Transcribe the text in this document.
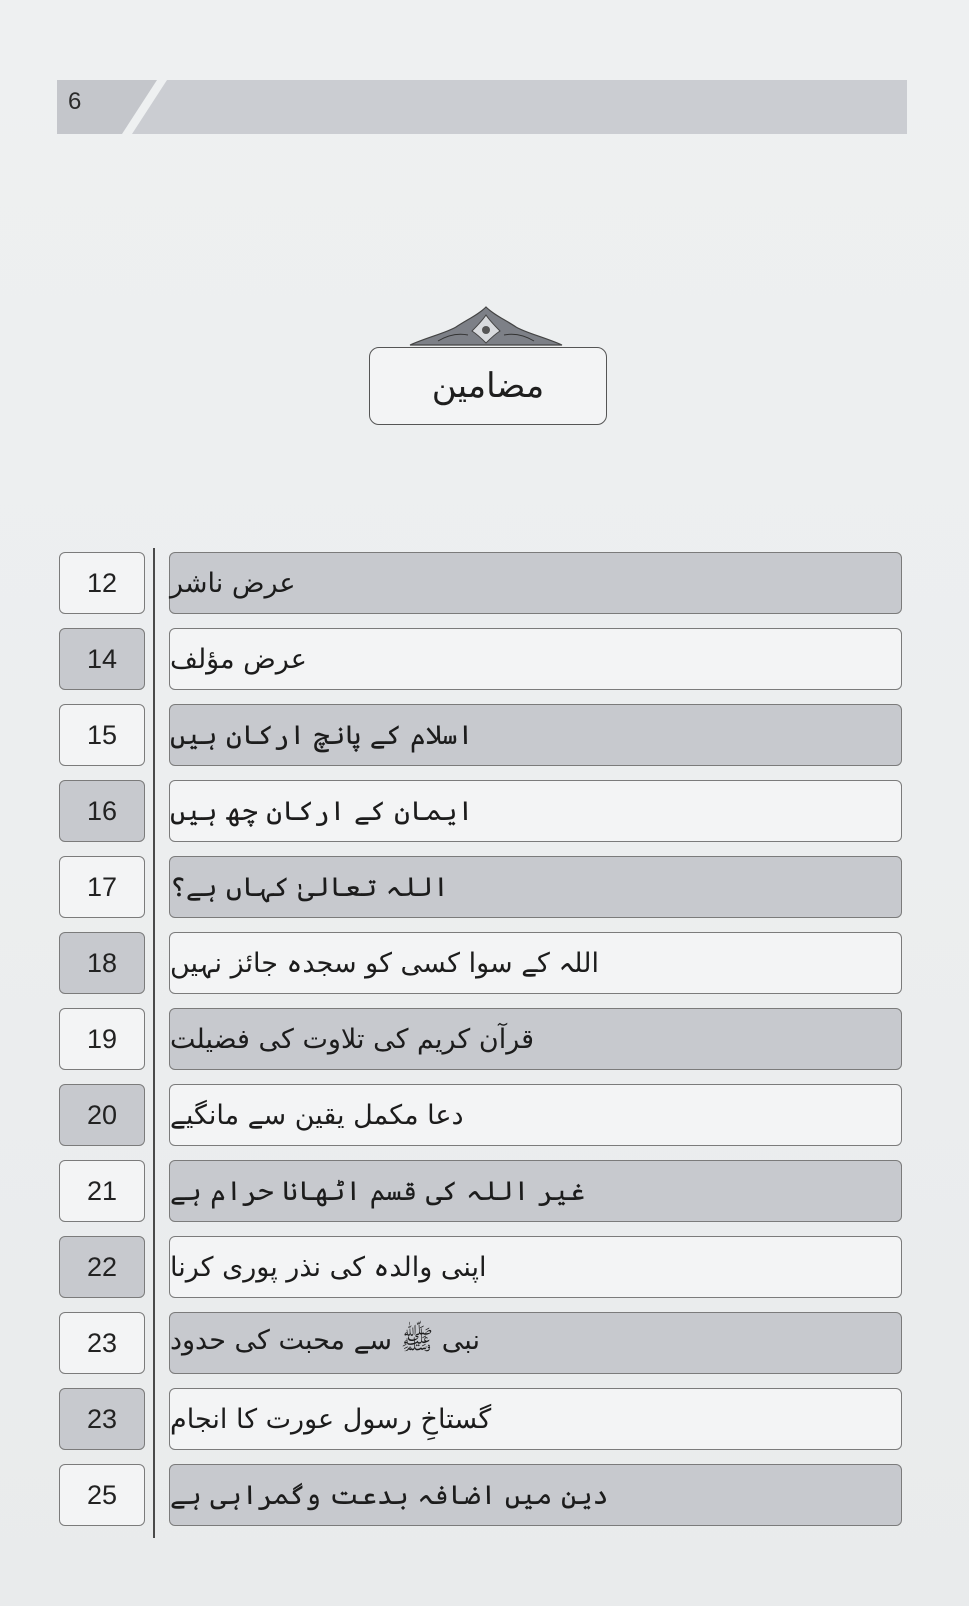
6
مضامین
12	عرض ناشر
14	عرض مؤلف
15	اسلام کے پانچ ارکان ہیں
16	ایمان کے ارکان چھ ہیں
17	اللہ تعالیٰ کہاں ہے؟
18	اللہ کے سوا کسی کو سجدہ جائز نہیں
19	قرآن کریم کی تلاوت کی فضیلت
20	دعا مکمل یقین سے مانگیے
21	غیر اللہ کی قسم اٹھانا حرام ہے
22	اپنی والدہ کی نذر پوری کرنا
23	نبی ﷺ سے محبت کی حدود
23	گستاخِ رسول عورت کا انجام
25	دین میں اضافہ بدعت وگمراہی ہے
